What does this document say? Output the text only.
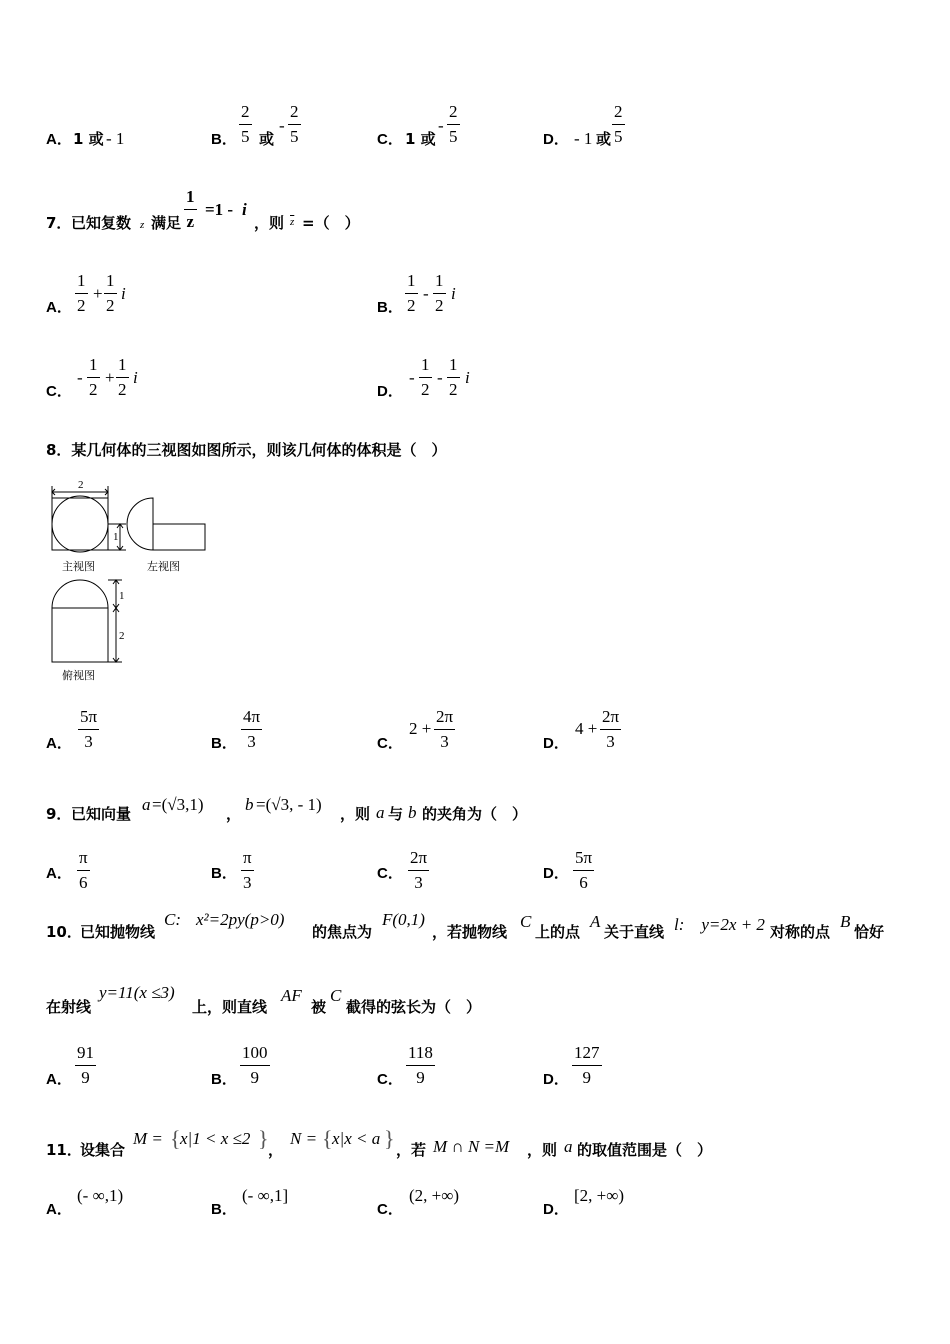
A． 1 或 - 1	B．
2
5 或
-
2
5	C． 1 或
-
2
5	D． - 1 或
2
5
7． 已知复数 z 满足
1
z
=1 - i
，则 $\overline{z}$ =（　）
A．
1
2
+
1
2
i
B．
1
2
-
1
2
i
C．
-
1
2
+
1
2
i
D．
-
1
2
-
1
2
i
8．某几何体的三视图如图所示，则该几何体的体积是（　）
2
1
1
2
主视图	左视图
俯视图
A．
5π
3	B．
4π
3	C．
2 +
2π
3	D．
4 +
2π
3
9． 已知向量 a =(√3,1) ， b =(√3, - 1) ，则 a 与 b 的夹角为（　）
A．
π
6	B．
π
3	C．
2π
3	D．
5π
6
10．
已知抛物线
C: x²=2py(p>0)
的焦点为
F(0,1)
，若抛物线
C
上的点
A
关于直线 l:　y=2x + 2 对称的点
B
恰好
在射线
y=11(x ≤3)
上，则直线
AF
被
C
截得的弦长为（　）
A．
91
9	B．
100
9	C．
118
9	D．
127
9
11．
设集合
M = { x|1 < x ≤2 } ，
N = { x|x < a } ，若 M ∩ N =M ，则 a 的取值范围是（　）
A．
(- ∞,1)
B．
(- ∞,1]
C．
(2, +∞)
D．
[2, +∞)
